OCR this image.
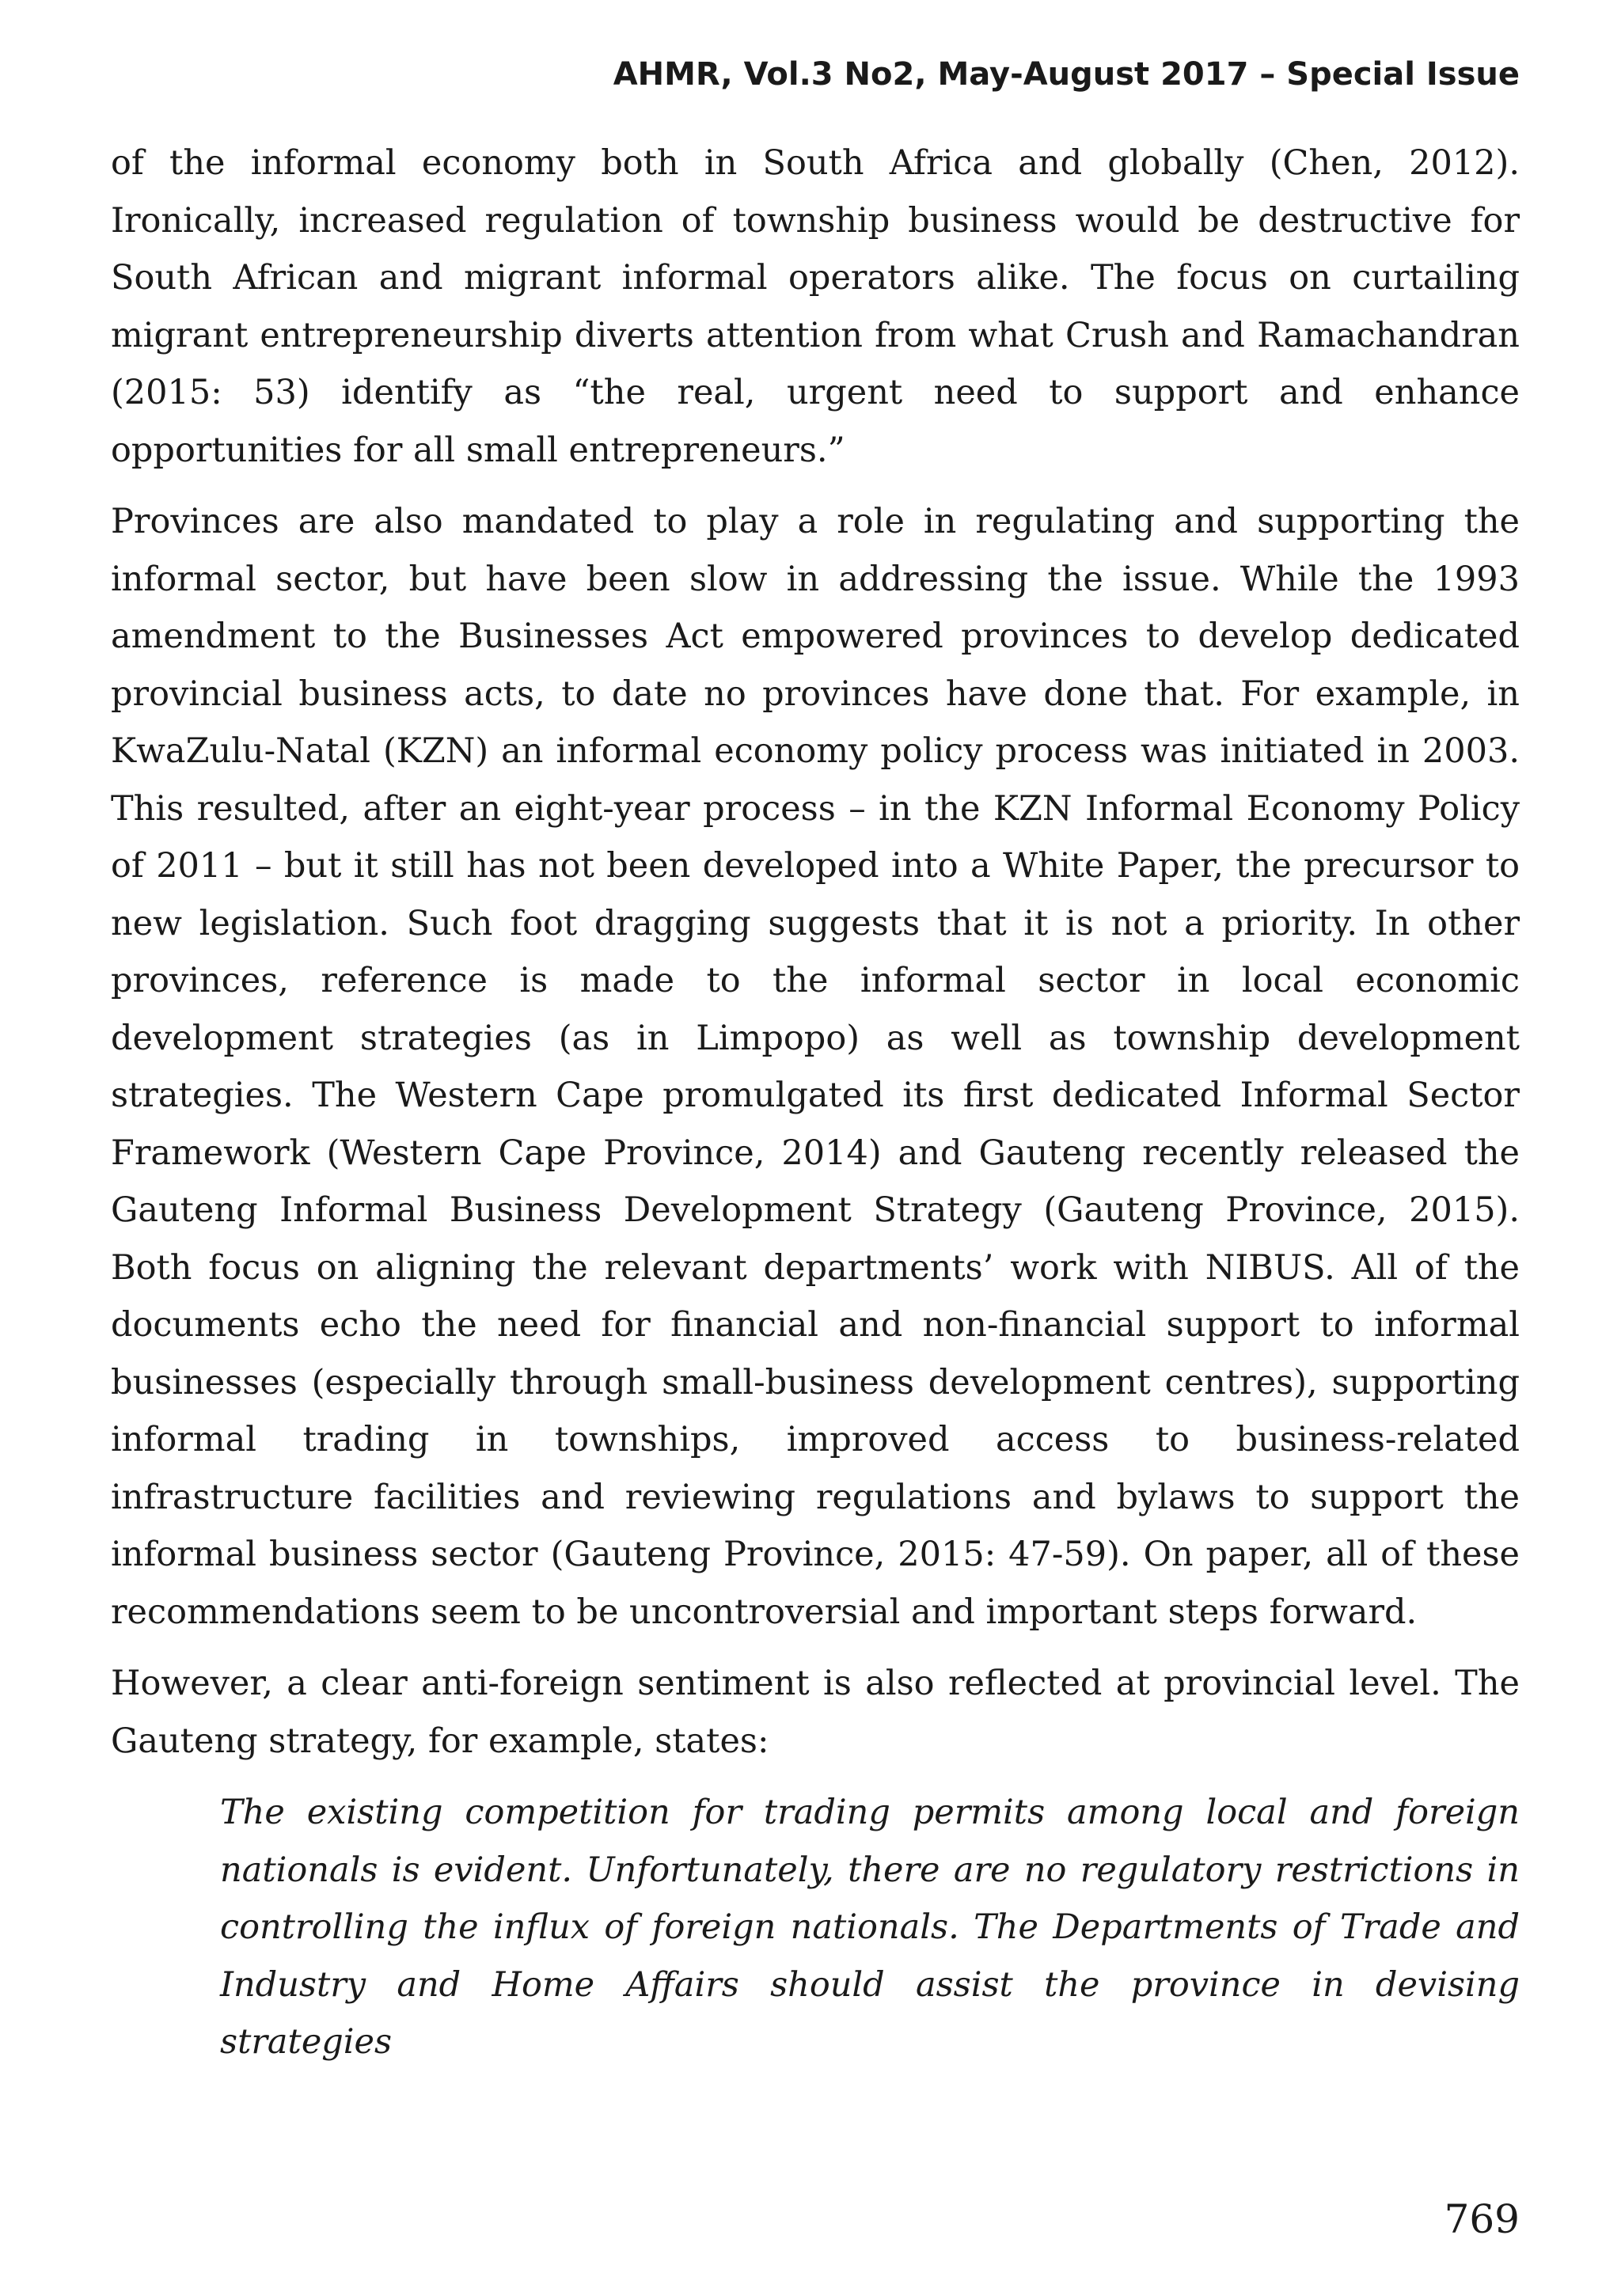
AHMR, Vol.3 No2, May-August 2017 – Special Issue

of the informal economy both in South Africa and globally (Chen, 2012). Ironically, increased regulation of township business would be destructive for South African and migrant informal operators alike. The focus on curtailing migrant entrepreneurship diverts attention from what Crush and Ramachandran (2015: 53) identify as “the real, urgent need to support and enhance opportunities for all small entrepreneurs.”

Provinces are also mandated to play a role in regulating and supporting the informal sector, but have been slow in addressing the issue. While the 1993 amendment to the Businesses Act empowered provinces to develop dedicated provincial business acts, to date no provinces have done that. For example, in KwaZulu-Natal (KZN) an informal economy policy process was initiated in 2003. This resulted, after an eight-year process – in the KZN Informal Economy Policy of 2011 – but it still has not been developed into a White Paper, the precursor to new legislation. Such foot dragging suggests that it is not a priority. In other provinces, reference is made to the informal sector in local economic development strategies (as in Limpopo) as well as township development strategies. The Western Cape promulgated its first dedicated Informal Sector Framework (Western Cape Province, 2014) and Gauteng recently released the Gauteng Informal Business Development Strategy (Gauteng Province, 2015). Both focus on aligning the relevant departments’ work with NIBUS. All of the documents echo the need for financial and non-financial support to informal businesses (especially through small-business development centres), supporting informal trading in townships, improved access to business-related infrastructure facilities and reviewing regulations and bylaws to support the informal business sector (Gauteng Province, 2015: 47-59). On paper, all of these recommendations seem to be uncontroversial and important steps forward.

However, a clear anti-foreign sentiment is also reflected at provincial level. The Gauteng strategy, for example, states:

The existing competition for trading permits among local and foreign nationals is evident. Unfortunately, there are no regulatory restrictions in controlling the influx of foreign nationals. The Departments of Trade and Industry and Home Affairs should assist the province in devising strategies

769
